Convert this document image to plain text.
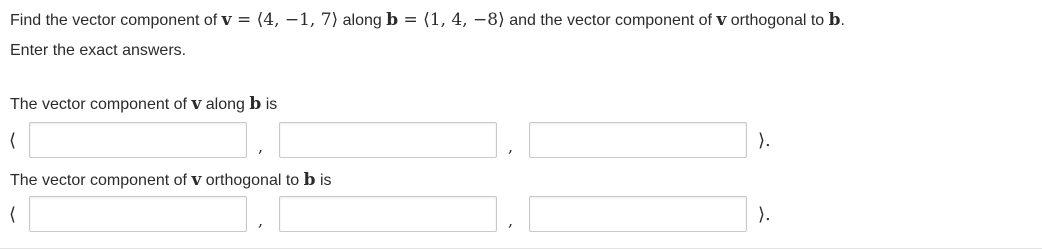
Find the vector component of v = ⟨4, −1, 7⟩ along b = ⟨1, 4, −8⟩ and the vector component of v orthogonal to b.
Enter the exact answers.
The vector component of v along b is
⟨	,	,	⟩.
The vector component of v orthogonal to b is
⟨	,	,	⟩.
